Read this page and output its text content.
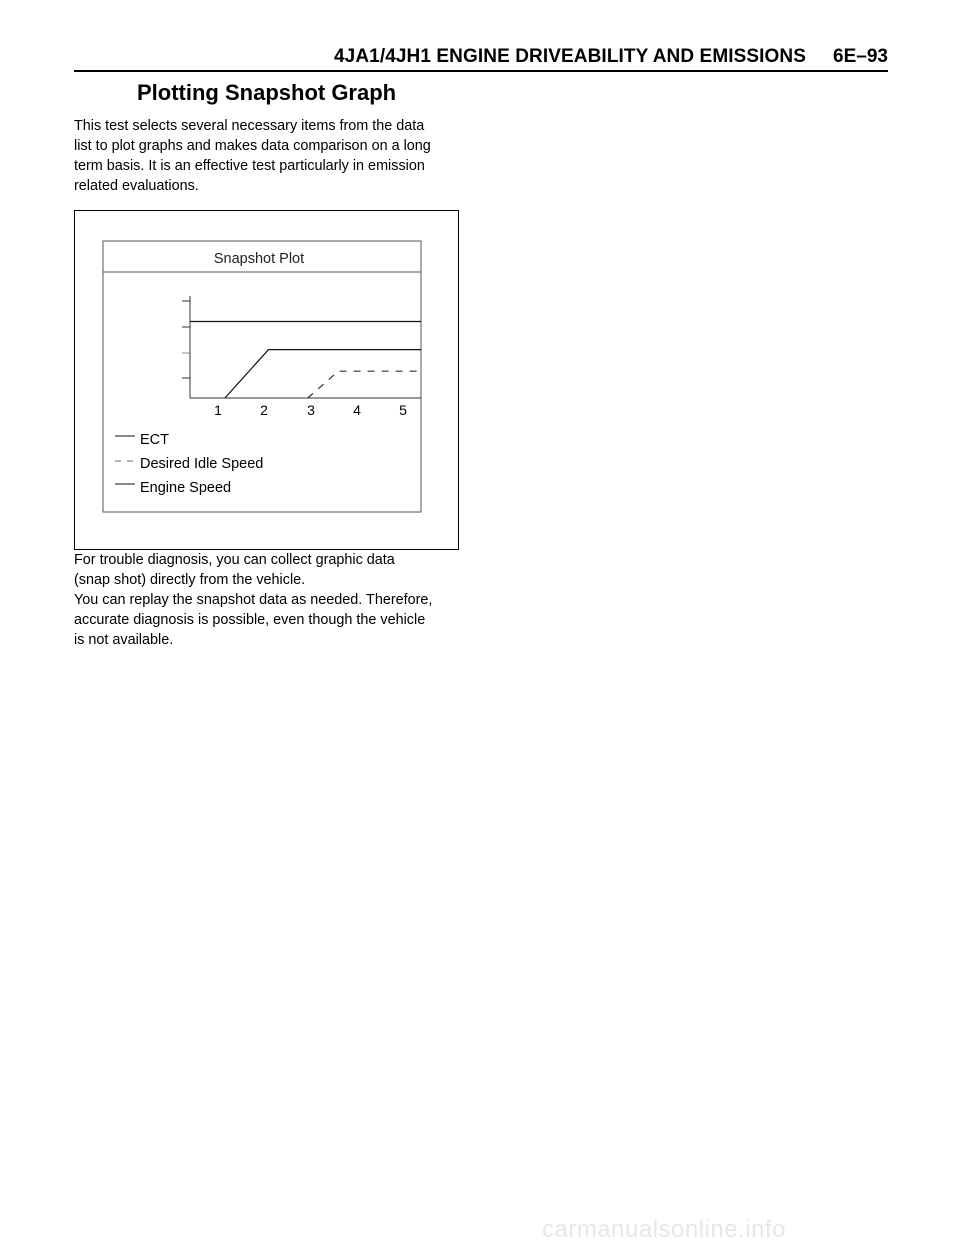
4JA1/4JH1 ENGINE DRIVEABILITY AND EMISSIONS 6E–93
Plotting Snapshot Graph
This test selects several necessary items from the data
list to plot graphs and makes data comparison on a long
term basis. It is an effective test particularly in emission
related evaluations.
Snapshot Plot
1	2	3	4	5
ECT
Desired Idle Speed
Engine Speed
For trouble diagnosis, you can collect graphic data
(snap shot) directly from the vehicle.
You can replay the snapshot data as needed. Therefore,
accurate diagnosis is possible, even though the vehicle
is not available.
carmanualsonline.info
